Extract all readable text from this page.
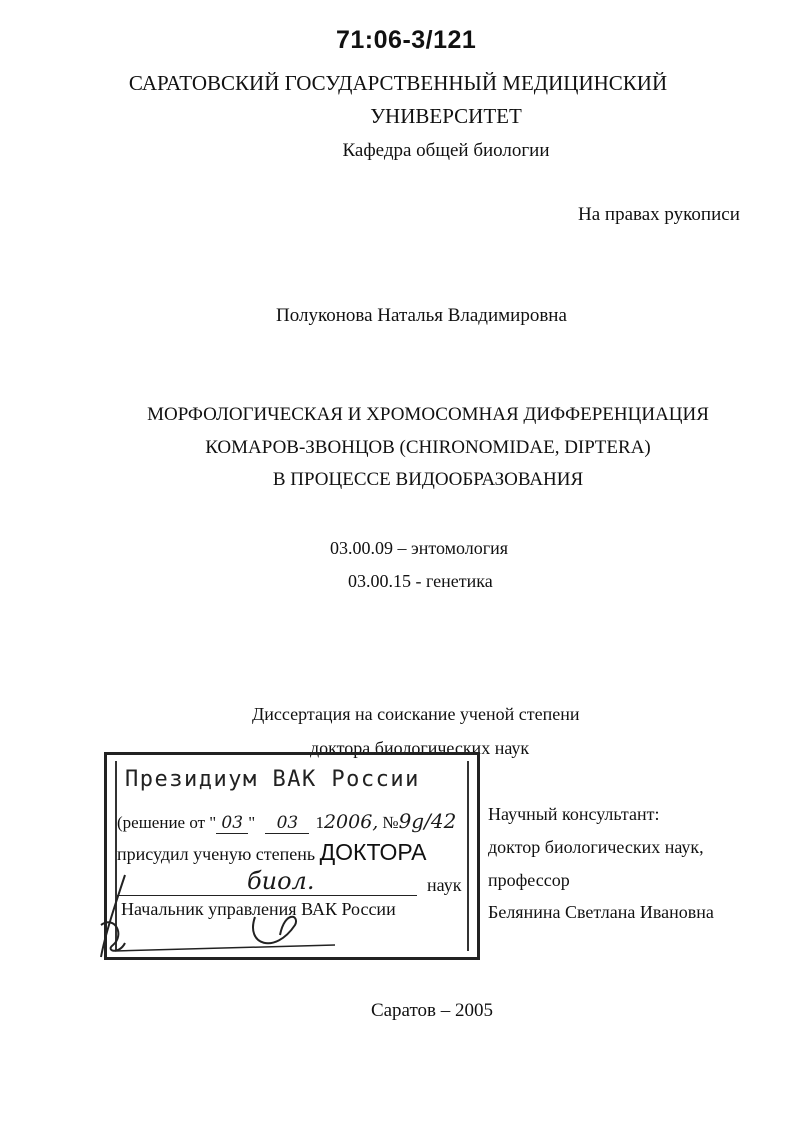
71:06-3/121
САРАТОВСКИЙ ГОСУДАРСТВЕННЫЙ МЕДИЦИНСКИЙ
УНИВЕРСИТЕТ
Кафедра общей биологии
На правах рукописи
Полуконова Наталья Владимировна
МОРФОЛОГИЧЕСКАЯ И ХРОМОСОМНАЯ ДИФФЕРЕНЦИАЦИЯ
КОМАРОВ-ЗВОНЦОВ (CHIRONOMIDAE, DIPTERA)
В ПРОЦЕССЕ ВИДООБРАЗОВАНИЯ
03.00.09 – энтомология
03.00.15 - генетика
Диссертация на соискание ученой степени
доктора биологических наук
Научный консультант:
доктор биологических наук,
профессор
Белянина Светлана Ивановна
Президиум ВАК России
(решение от " 03 " 03 12006, №9g/42
присудил ученую степень ДОКТОРА
биол.	наук
Начальник управления ВАК России
Саратов – 2005
